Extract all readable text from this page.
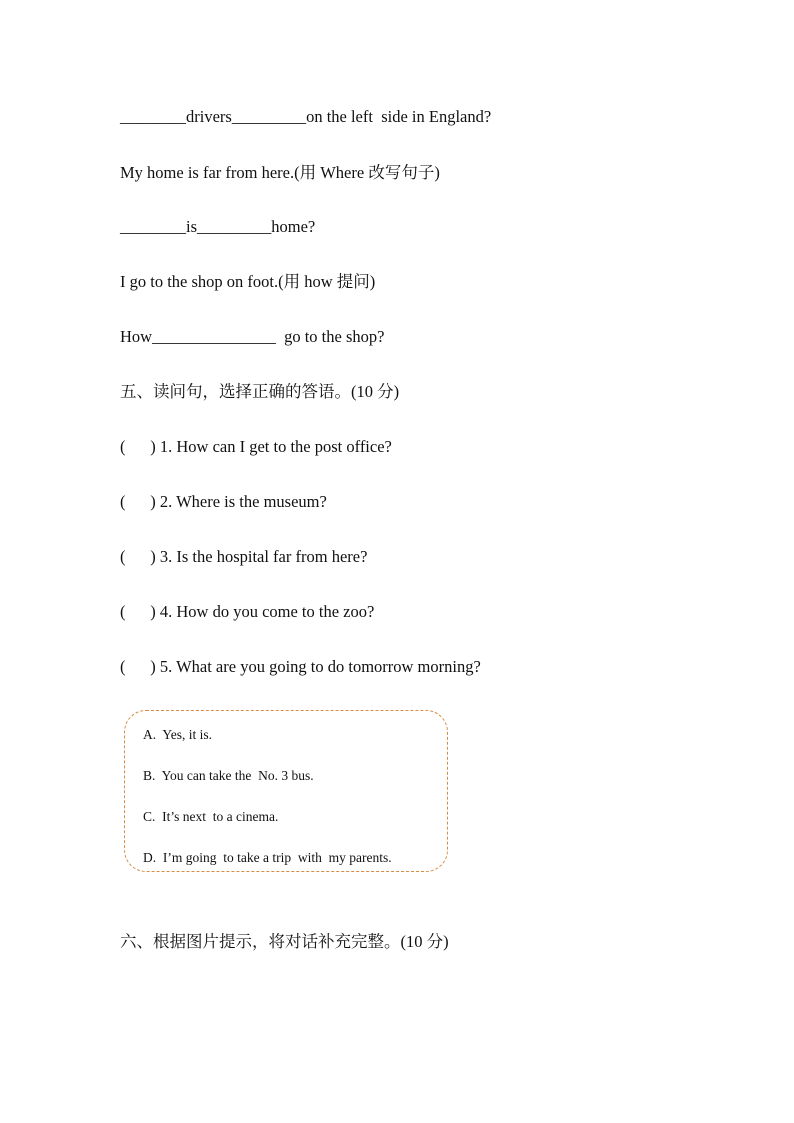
________drivers_________on the left  side in England?
My home is far from here.(用 Where 改写句子)
________is_________home?
I go to the shop on foot.(用 how 提问)
How_______________  go to the shop?
五、读问句，选择正确的答语。(10 分)
(      ) 1. How can I get to the post office?
(      ) 2. Where is the museum?
(      ) 3. Is the hospital far from here?
(      ) 4. How do you come to the zoo?
(      ) 5. What are you going to do tomorrow morning?
A.  Yes, it is.
B.  You can take the  No. 3 bus.
C.  It’s next  to a cinema.
D.  I’m going  to take a trip  with  my parents.
六、根据图片提示，将对话补充完整。(10 分)
